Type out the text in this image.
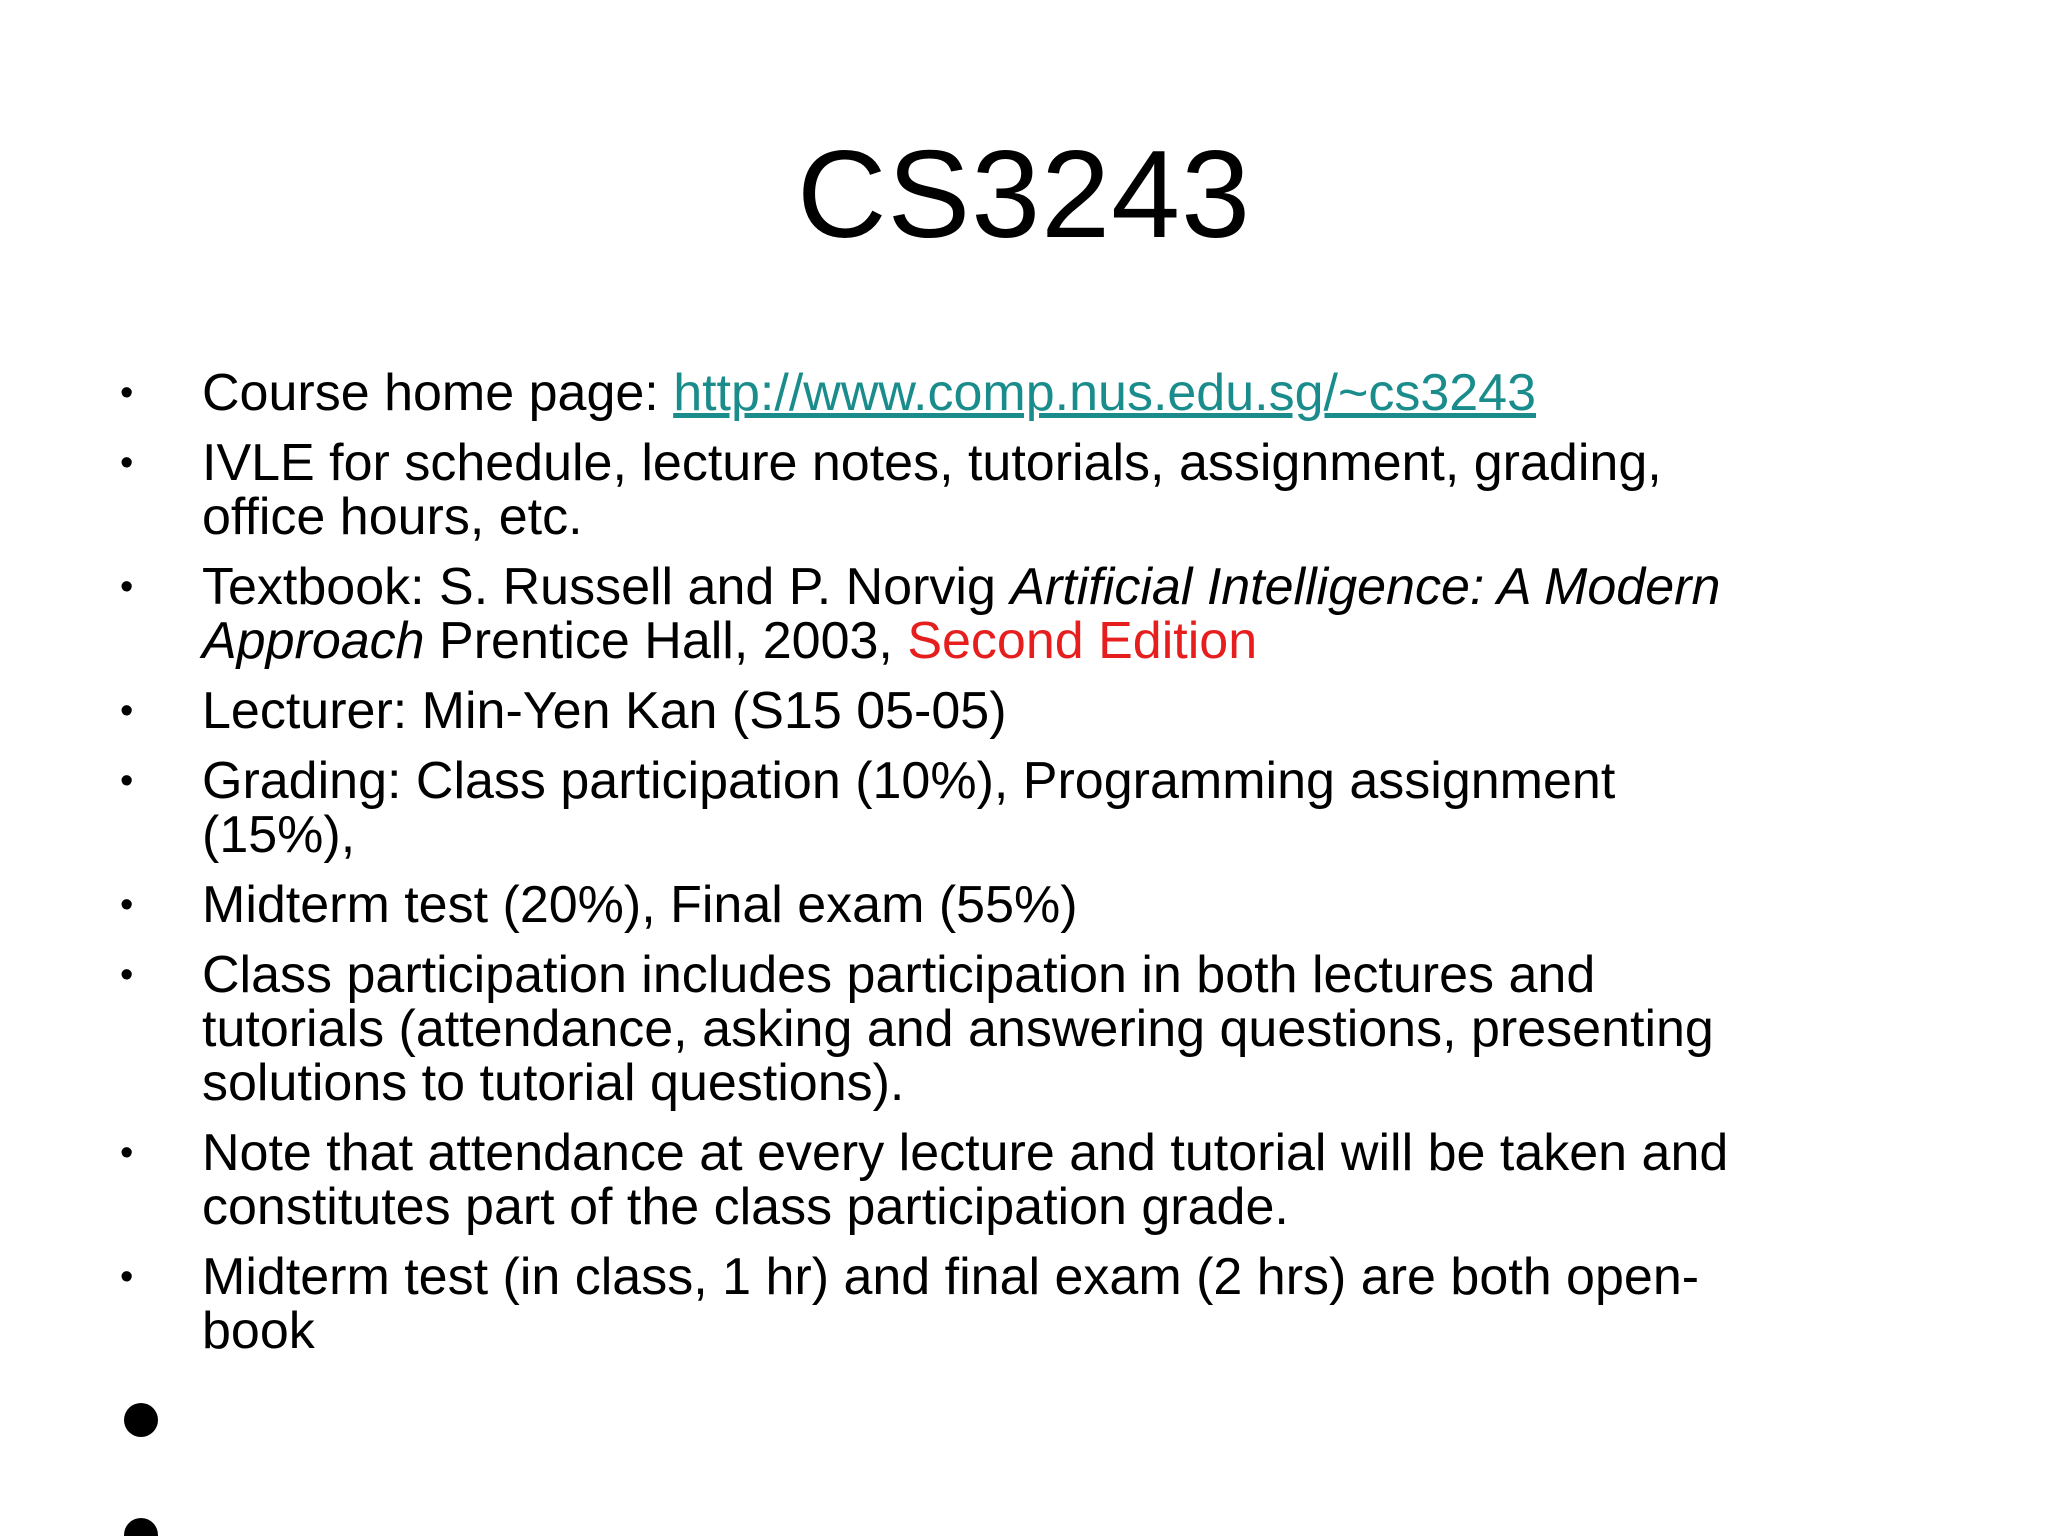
CS3243
•	Course home page: http://www.comp.nus.edu.sg/~cs3243
•	IVLE for schedule, lecture notes, tutorials, assignment, grading,
office hours, etc.
•	Textbook: S. Russell and P. Norvig Artificial Intelligence: A Modern
Approach Prentice Hall, 2003, Second Edition
•	Lecturer: Min-Yen Kan (S15 05-05)
•	Grading: Class participation (10%), Programming assignment
(15%),
•	Midterm test (20%), Final exam (55%)
•	Class participation includes participation in both lectures and
tutorials (attendance, asking and answering questions, presenting
solutions to tutorial questions).
•	Note that attendance at every lecture and tutorial will be taken and
constitutes part of the class participation grade.
•	Midterm test (in class, 1 hr) and final exam (2 hrs) are both open-
book
